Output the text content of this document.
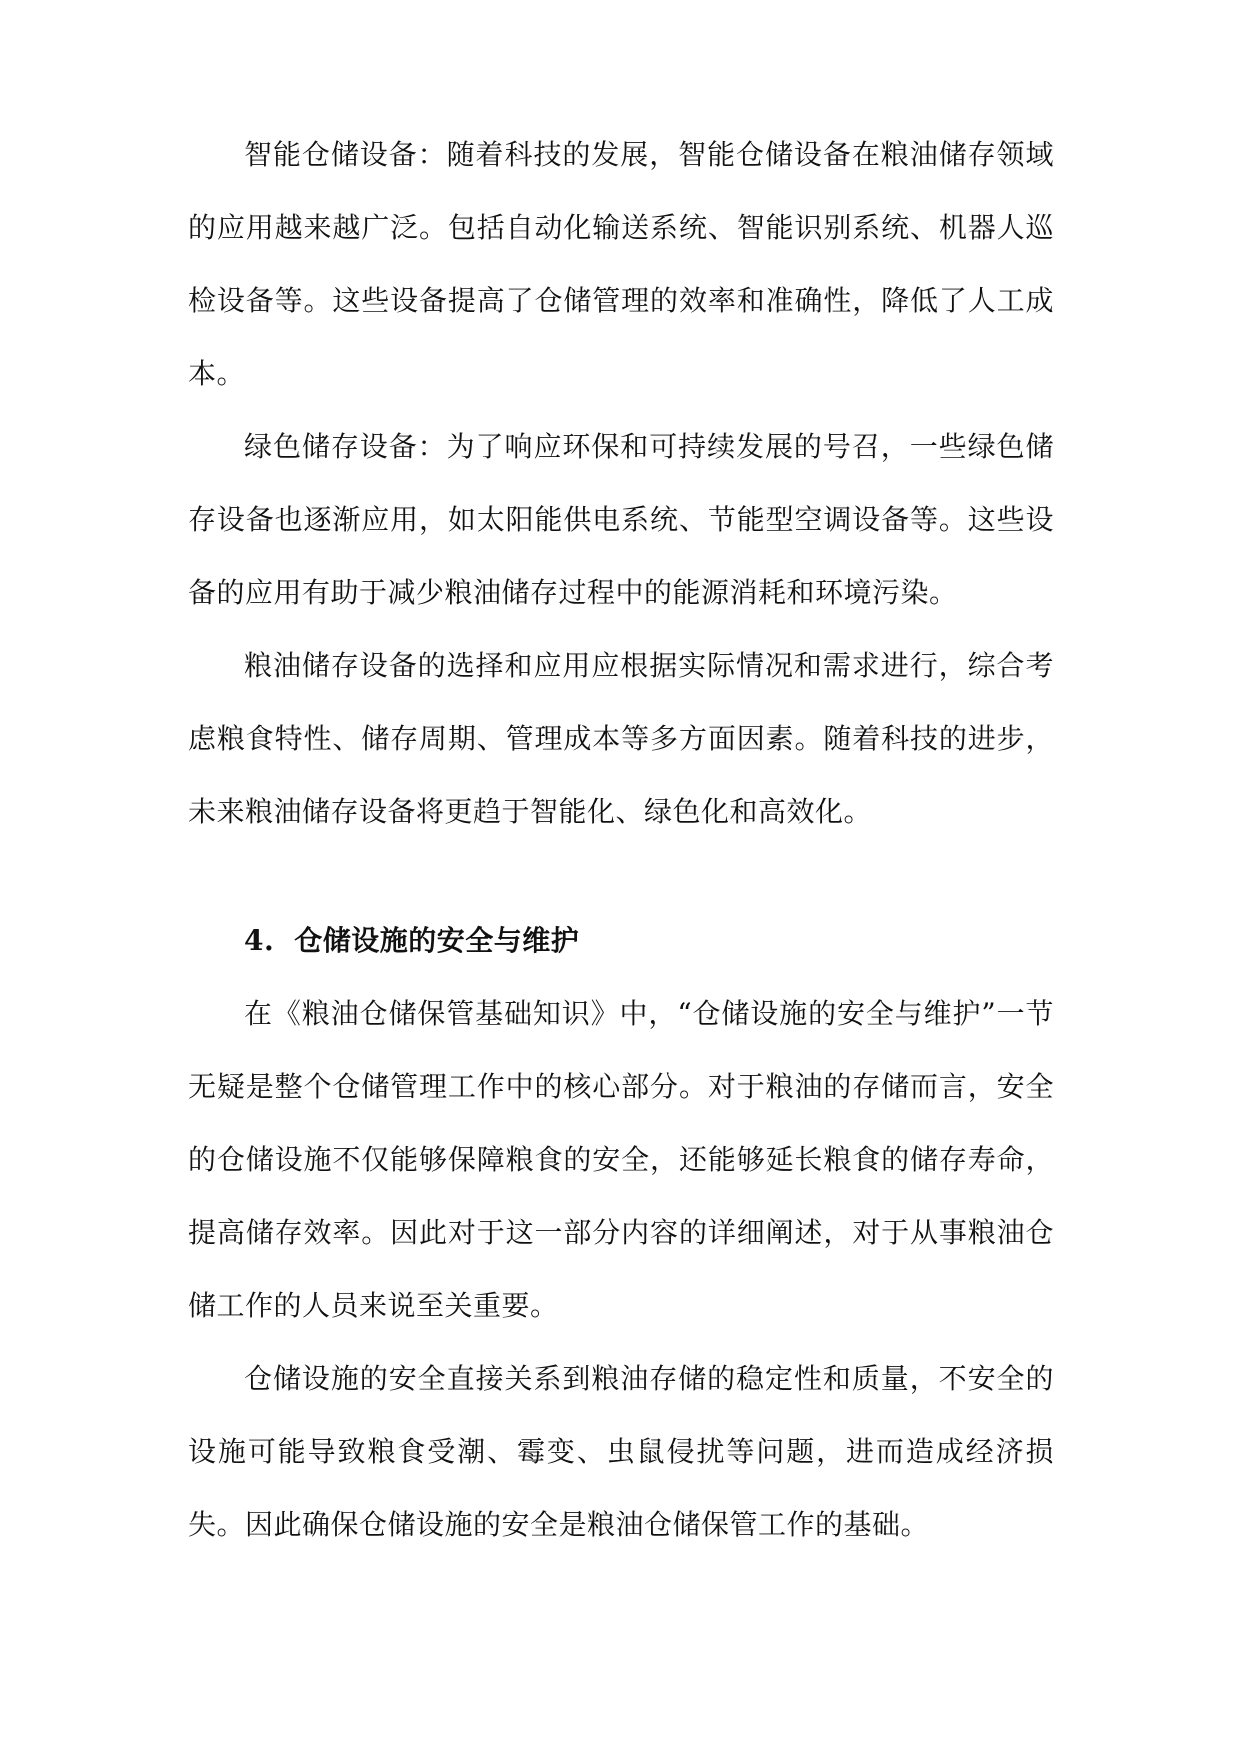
智能仓储设备：随着科技的发展，智能仓储设备在粮油储存领域的应用越来越广泛。包括自动化输送系统、智能识别系统、机器人巡检设备等。这些设备提高了仓储管理的效率和准确性，降低了人工成本。

绿色储存设备：为了响应环保和可持续发展的号召，一些绿色储存设备也逐渐应用，如太阳能供电系统、节能型空调设备等。这些设备的应用有助于减少粮油储存过程中的能源消耗和环境污染。

粮油储存设备的选择和应用应根据实际情况和需求进行，综合考虑粮食特性、储存周期、管理成本等多方面因素。随着科技的进步，未来粮油储存设备将更趋于智能化、绿色化和高效化。

4. 仓储设施的安全与维护

在《粮油仓储保管基础知识》中，“仓储设施的安全与维护”一节无疑是整个仓储管理工作中的核心部分。对于粮油的存储而言，安全的仓储设施不仅能够保障粮食的安全，还能够延长粮食的储存寿命，提高储存效率。因此对于这一部分内容的详细阐述，对于从事粮油仓储工作的人员来说至关重要。

仓储设施的安全直接关系到粮油存储的稳定性和质量，不安全的设施可能导致粮食受潮、霉变、虫鼠侵扰等问题，进而造成经济损失。因此确保仓储设施的安全是粮油仓储保管工作的基础。
